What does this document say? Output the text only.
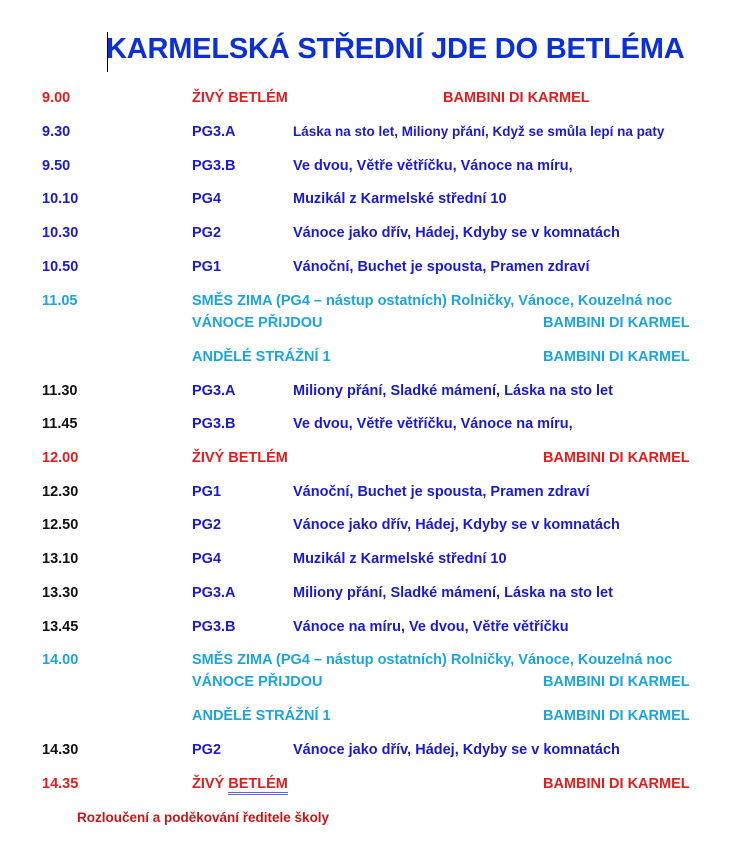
KARMELSKÁ STŘEDNÍ JDE DO BETLÉMA
9.00	ŽIVÝ BETLÉM	BAMBINI DI KARMEL
9.30	PG3.A	Láska na sto let, Miliony přání, Když se smůla lepí na paty
9.50	PG3.B	Ve dvou, Větře větříčku, Vánoce na míru,
10.10	PG4	Muzikál z Karmelské střední 10
10.30	PG2	Vánoce jako dřív, Hádej, Kdyby se v komnatách
10.50	PG1	Vánoční, Buchet je spousta, Pramen zdraví
11.05	SMĚS ZIMA (PG4 – nástup ostatních) Rolničky, Vánoce, Kouzelná noc
VÁNOCE PŘIJDOU	BAMBINI DI KARMEL
ANDĚLÉ STRÁŽNÍ 1	BAMBINI DI KARMEL
11.30	PG3.A	Miliony přání, Sladké mámení, Láska na sto let
11.45	PG3.B	Ve dvou, Větře větříčku, Vánoce na míru,
12.00	ŽIVÝ BETLÉM	BAMBINI DI KARMEL
12.30	PG1	Vánoční, Buchet je spousta, Pramen zdraví
12.50	PG2	Vánoce jako dřív, Hádej, Kdyby se v komnatách
13.10	PG4	Muzikál z Karmelské střední 10
13.30	PG3.A	Miliony přání, Sladké mámení, Láska na sto let
13.45	PG3.B	Vánoce na míru, Ve dvou, Větře větříčku
14.00	SMĚS ZIMA (PG4 – nástup ostatních) Rolničky, Vánoce, Kouzelná noc
VÁNOCE PŘIJDOU	BAMBINI DI KARMEL
ANDĚLÉ STRÁŽNÍ 1	BAMBINI DI KARMEL
14.30	PG2	Vánoce jako dřív, Hádej, Kdyby se v komnatách
14.35	ŽIVÝ BETLÉM	BAMBINI DI KARMEL
Rozloučení a poděkování ředitele školy
